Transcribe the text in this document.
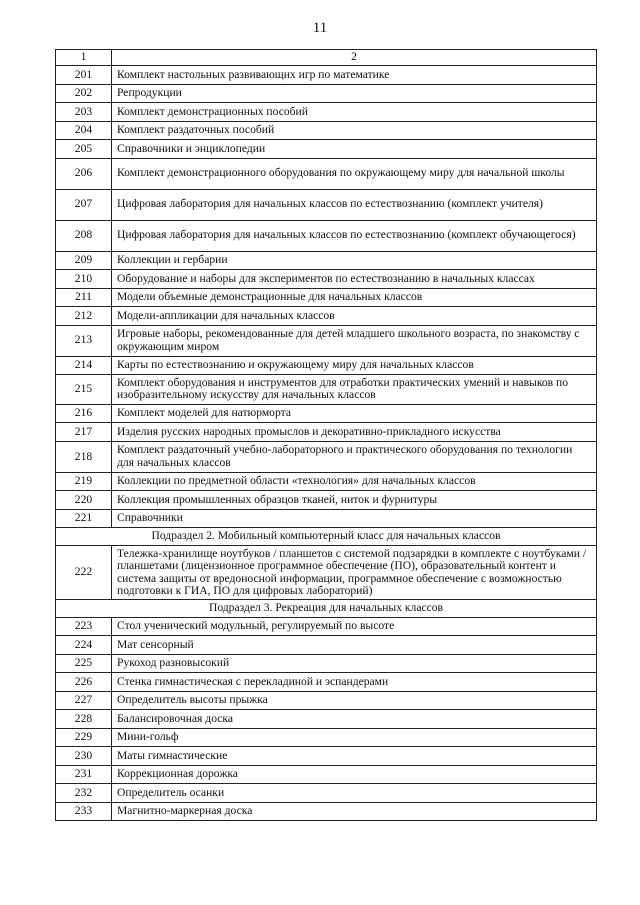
11
1	2
201	Комплект настольных развивающих игр по математике
202	Репродукции
203	Комплект демонстрационных пособий
204	Комплект раздаточных пособий
205	Справочники и энциклопедии
206	Комплект демонстрационного оборудования по окружающему миру для начальной школы
207	Цифровая лаборатория для начальных классов по естествознанию (комплект учителя)
208	Цифровая лаборатория для начальных классов по естествознанию (комплект обучающегося)
209	Коллекции и гербарии
210	Оборудование и наборы для экспериментов по естествознанию в начальных классах
211	Модели объемные демонстрационные для начальных классов
212	Модели-аппликации для начальных классов
213	Игровые наборы, рекомендованные для детей младшего школьного возраста, по знакомству с окружающим миром
214	Карты по естествознанию и окружающему миру для начальных классов
215	Комплект оборудования и инструментов для отработки практических умений и навыков по изобразительному искусству для начальных классов
216	Комплект моделей для натюрморта
217	Изделия русских народных промыслов и декоративно-прикладного искусства
218	Комплект раздаточный учебно-лабораторного и практического оборудования по технологии для начальных классов
219	Коллекции по предметной области «технология» для начальных классов
220	Коллекция промышленных образцов тканей, ниток и фурнитуры
221	Справочники
Подраздел 2. Мобильный компьютерный класс для начальных классов	
222	Тележка-хранилище ноутбуков / планшетов с системой подзарядки в комплекте с ноутбуками / планшетами (лицензионное программное обеспечение (ПО), образовательный контент и система защиты от вредоносной информации, программное обеспечение с возможностью подготовки к ГИА, ПО для цифровых лабораторий)
Подраздел 3. Рекреация для начальных классов	
223	Стол ученический модульный, регулируемый по высоте
224	Мат сенсорный
225	Рукоход разновысокий
226	Стенка гимнастическая с перекладиной и эспандерами
227	Определитель высоты прыжка
228	Балансировочная доска
229	Мини-гольф
230	Маты гимнастические
231	Коррекционная дорожка
232	Определитель осанки
233	Магнитно-маркерная доска
